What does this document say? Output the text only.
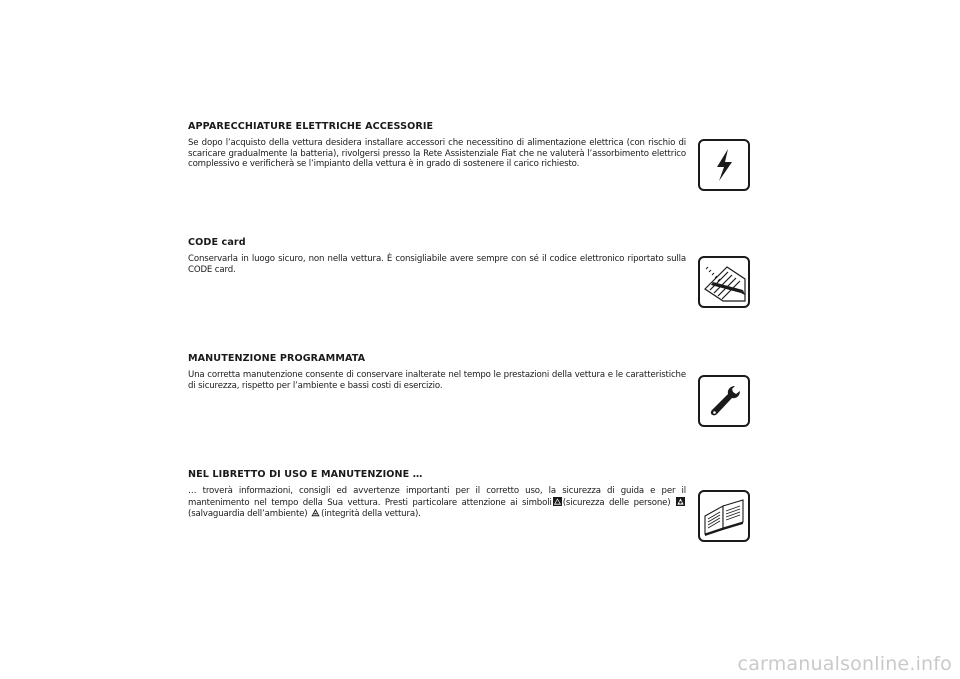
APPARECCHIATURE ELETTRICHE ACCESSORIE

Se dopo l’acquisto della vettura desidera installare accessori che necessitino di alimentazione elettrica (con rischio di scaricare gradualmente la batteria), rivolgersi presso la Rete Assistenziale Fiat che ne valuterà l’assorbimento elettrico complessivo e verificherà se l’impianto della vettura è in grado di sostenere il carico richiesto.

CODE card

Conservarla in luogo sicuro, non nella vettura. È consigliabile avere sempre con sé il codice elettronico riportato sulla CODE card.

MANUTENZIONE PROGRAMMATA

Una corretta manutenzione consente di conservare inalterate nel tempo le prestazioni della vettura e le caratteristiche di sicurezza, rispetto per l’ambiente e bassi costi di esercizio.

NEL LIBRETTO DI USO E MANUTENZIONE …

… troverà informazioni, consigli ed avvertenze importanti per il corretto uso, la sicurezza di guida e per il mantenimento nel tempo della Sua vettura. Presti particolare attenzione ai simboli (sicurezza delle persone)
(salvaguardia dell’ambiente) (integrità della vettura).

carmanualsonline.info
